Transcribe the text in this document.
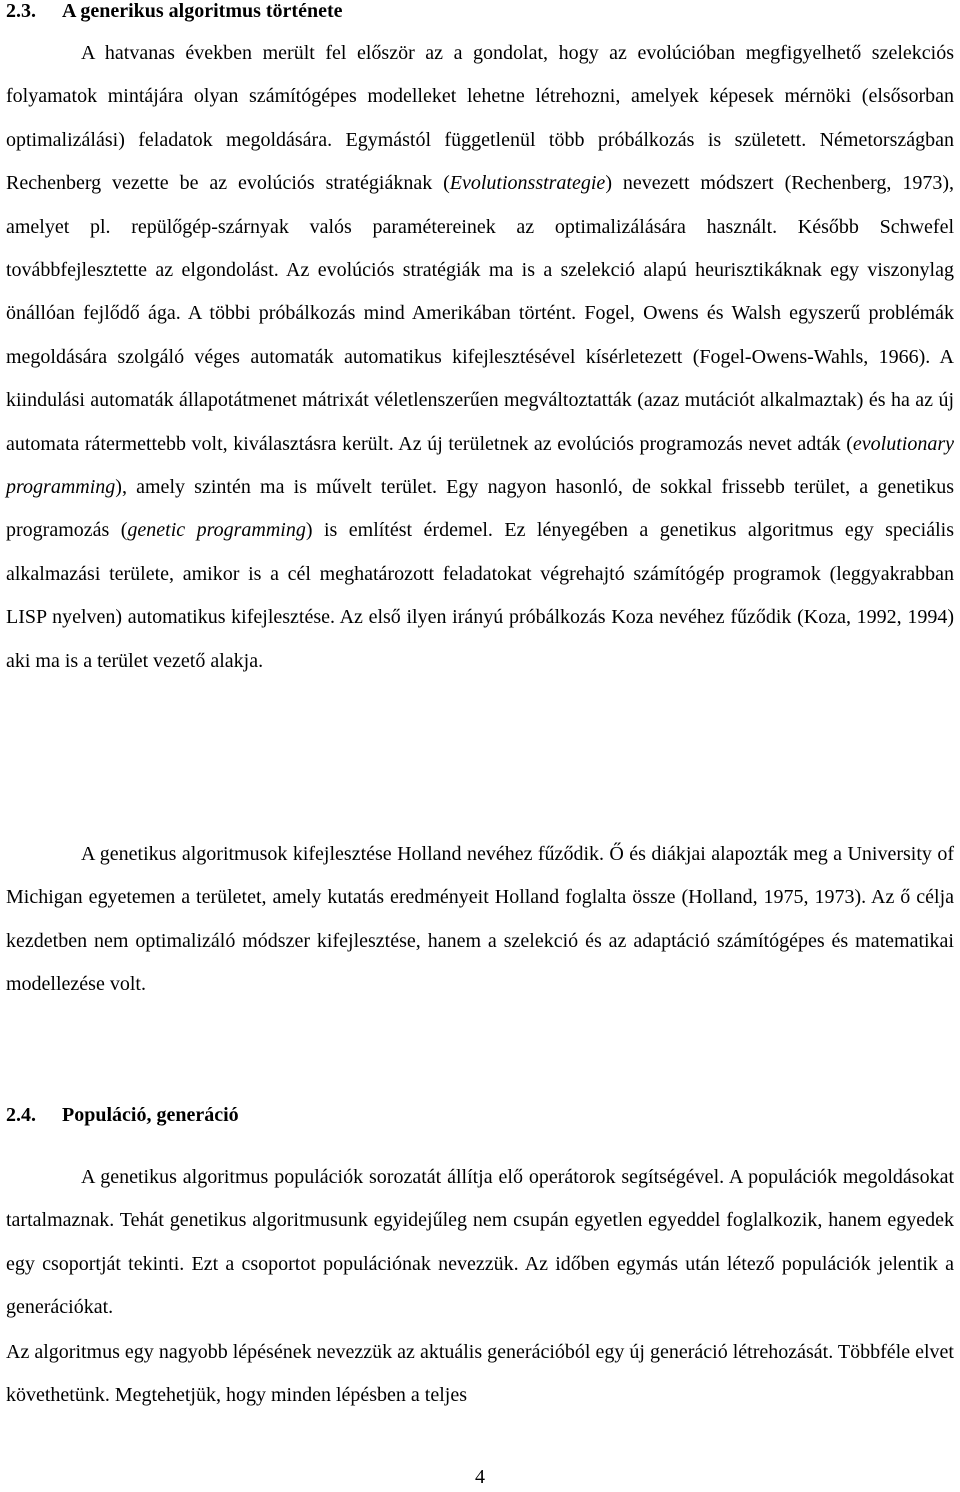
2.3. A generikus algoritmus története

A hatvanas években merült fel először az a gondolat, hogy az evolúcióban megfigyelhető szelekciós folyamatok mintájára olyan számítógépes modelleket lehetne létrehozni, amelyek képesek mérnöki (elsősorban optimalizálási) feladatok megoldására. Egymástól függetlenül több próbálkozás is született. Németországban Rechenberg vezette be az evolúciós stratégiáknak (Evolutionsstrategie) nevezett módszert (Rechenberg, 1973), amelyet pl. repülőgép-szárnyak valós paramétereinek az optimalizálására használt. Később Schwefel továbbfejlesztette az elgondolást. Az evolúciós stratégiák ma is a szelekció alapú heurisztikáknak egy viszonylag önállóan fejlődő ága. A többi próbálkozás mind Amerikában történt. Fogel, Owens és Walsh egyszerű problémák megoldására szolgáló véges automaták automatikus kifejlesztésével kísérletezett (Fogel-Owens-Wahls, 1966). A kiindulási automaták állapotátmenet mátrixát véletlenszerűen megváltoztatták (azaz mutációt alkalmaztak) és ha az új automata rátermettebb volt, kiválasztásra került. Az új területnek az evolúciós programozás nevet adták (evolutionary programming), amely szintén ma is művelt terület. Egy nagyon hasonló, de sokkal frissebb terület, a genetikus programozás (genetic programming) is említést érdemel. Ez lényegében a genetikus algoritmus egy speciális alkalmazási területe, amikor is a cél meghatározott feladatokat végrehajtó számítógép programok (leggyakrabban LISP nyelven) automatikus kifejlesztése. Az első ilyen irányú próbálkozás Koza nevéhez fűződik (Koza, 1992, 1994) aki ma is a terület vezető alakja.

A genetikus algoritmusok kifejlesztése Holland nevéhez fűződik. Ő és diákjai alapozták meg a University of Michigan egyetemen a területet, amely kutatás eredményeit Holland foglalta össze (Holland, 1975, 1973). Az ő célja kezdetben nem optimalizáló módszer kifejlesztése, hanem a szelekció és az adaptáció számítógépes és matematikai modellezése volt.

2.4. Populáció, generáció

A genetikus algoritmus populációk sorozatát állítja elő operátorok segítségével. A populációk megoldásokat tartalmaznak. Tehát genetikus algoritmusunk egyidejűleg nem csupán egyetlen egyeddel foglalkozik, hanem egyedek egy csoportját tekinti. Ezt a csoportot populációnak nevezzük. Az időben egymás után létező populációk jelentik a generációkat.

Az algoritmus egy nagyobb lépésének nevezzük az aktuális generációból egy új generáció létrehozását. Többféle elvet követhetünk. Megtehetjük, hogy minden lépésben a teljes

4
